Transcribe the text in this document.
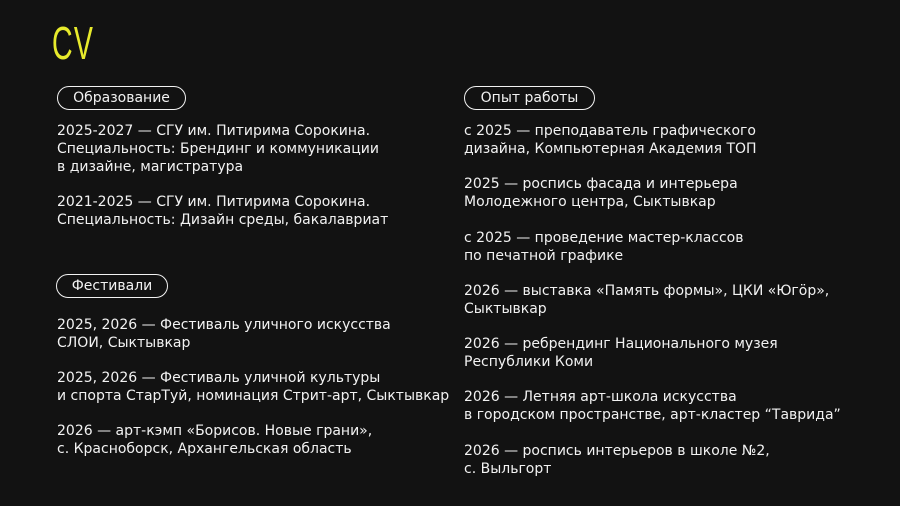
CV
Образование
2025-2027 — СГУ им. Питирима Сорокина.
Специальность: Брендинг и коммуникации
в дизайне, магистратура
2021-2025 — СГУ им. Питирима Сорокина.
Специальность: Дизайн среды, бакалавриат
Фестивали
2025, 2026 — Фестиваль уличного искусства
СЛОИ, Сыктывкар
2025, 2026 — Фестиваль уличной культуры
и спорта СтарТуй, номинация Стрит-арт, Сыктывкар
2026 — арт-кэмп «Борисов. Новые грани»,
с. Красноборск, Архангельская область
Опыт работы
с 2025 — преподаватель графического
дизайна, Компьютерная Академия ТОП
2025 — роспись фасада и интерьера
Молодежного центра, Сыктывкар
с 2025 — проведение мастер-классов
по печатной графике
2026 — выставка «Память формы», ЦКИ «Югӧр»,
Сыктывкар
2026 — ребрендинг Национального музея
Республики Коми
2026 — Летняя арт-школа искусства
в городском пространстве, арт-кластер “Таврида”
2026 — роспись интерьеров в школе №2,
с. Выльгорт
